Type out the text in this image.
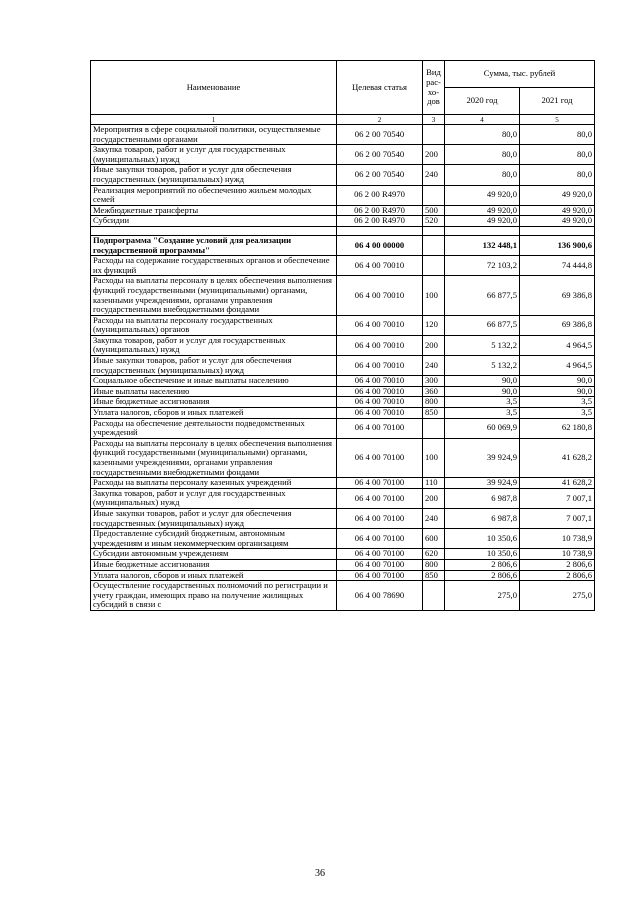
Наименование	Целевая статья	Вид рас-хо-дов	Сумма, тыс. рублей	
			2020 год	2021 год
1	2	3	4	5
Мероприятия в сфере социальной политики, осуществляемые государственными органами	06 2 00 70540		80,0	80,0
Закупка товаров, работ и услуг для государственных (муниципальных) нужд	06 2 00 70540	200	80,0	80,0
Иные закупки товаров, работ и услуг для обеспечения государственных (муниципальных) нужд	06 2 00 70540	240	80,0	80,0
Реализация мероприятий по обеспечению жильем молодых семей	06 2 00 R4970		49 920,0	49 920,0
Межбюджетные трансферты	06 2 00 R4970	500	49 920,0	49 920,0
Субсидии	06 2 00 R4970	520	49 920,0	49 920,0

Подпрограмма "Создание условий для реализации государственной программы"	06 4 00 00000		132 448,1	136 900,6
Расходы на содержание государственных органов и обеспечение их функций	06 4 00 70010		72 103,2	74 444,8
Расходы на выплаты персоналу в целях обеспечения выполнения функций государственными (муниципальными) органами, казенными учреждениями, органами управления государственными внебюджетными фондами	06 4 00 70010	100	66 877,5	69 386,8
Расходы на выплаты персоналу государственных (муниципальных) органов	06 4 00 70010	120	66 877,5	69 386,8
Закупка товаров, работ и услуг для государственных (муниципальных) нужд	06 4 00 70010	200	5 132,2	4 964,5
Иные закупки товаров, работ и услуг для обеспечения государственных (муниципальных) нужд	06 4 00 70010	240	5 132,2	4 964,5
Социальное обеспечение и иные выплаты населению	06 4 00 70010	300	90,0	90,0
Иные выплаты населению	06 4 00 70010	360	90,0	90,0
Иные бюджетные ассигнования	06 4 00 70010	800	3,5	3,5
Уплата налогов, сборов и иных платежей	06 4 00 70010	850	3,5	3,5
Расходы на обеспечение деятельности подведомственных учреждений	06 4 00 70100		60 069,9	62 180,8
Расходы на выплаты персоналу в целях обеспечения выполнения функций государственными (муниципальными) органами, казенными учреждениями, органами управления государственными внебюджетными фондами	06 4 00 70100	100	39 924,9	41 628,2
Расходы на выплаты персоналу казенных учреждений	06 4 00 70100	110	39 924,9	41 628,2
Закупка товаров, работ и услуг для государственных (муниципальных) нужд	06 4 00 70100	200	6 987,8	7 007,1
Иные закупки товаров, работ и услуг для обеспечения государственных (муниципальных) нужд	06 4 00 70100	240	6 987,8	7 007,1
Предоставление субсидий бюджетным, автономным учреждениям и иным некоммерческим организациям	06 4 00 70100	600	10 350,6	10 738,9
Субсидии автономным учреждениям	06 4 00 70100	620	10 350,6	10 738,9
Иные бюджетные ассигнования	06 4 00 70100	800	2 806,6	2 806,6
Уплата налогов, сборов и иных платежей	06 4 00 70100	850	2 806,6	2 806,6
Осуществление государственных полномочий по регистрации и учету граждан, имеющих право на получение жилищных субсидий в связи с	06 4 00 78690		275,0	275,0
36
